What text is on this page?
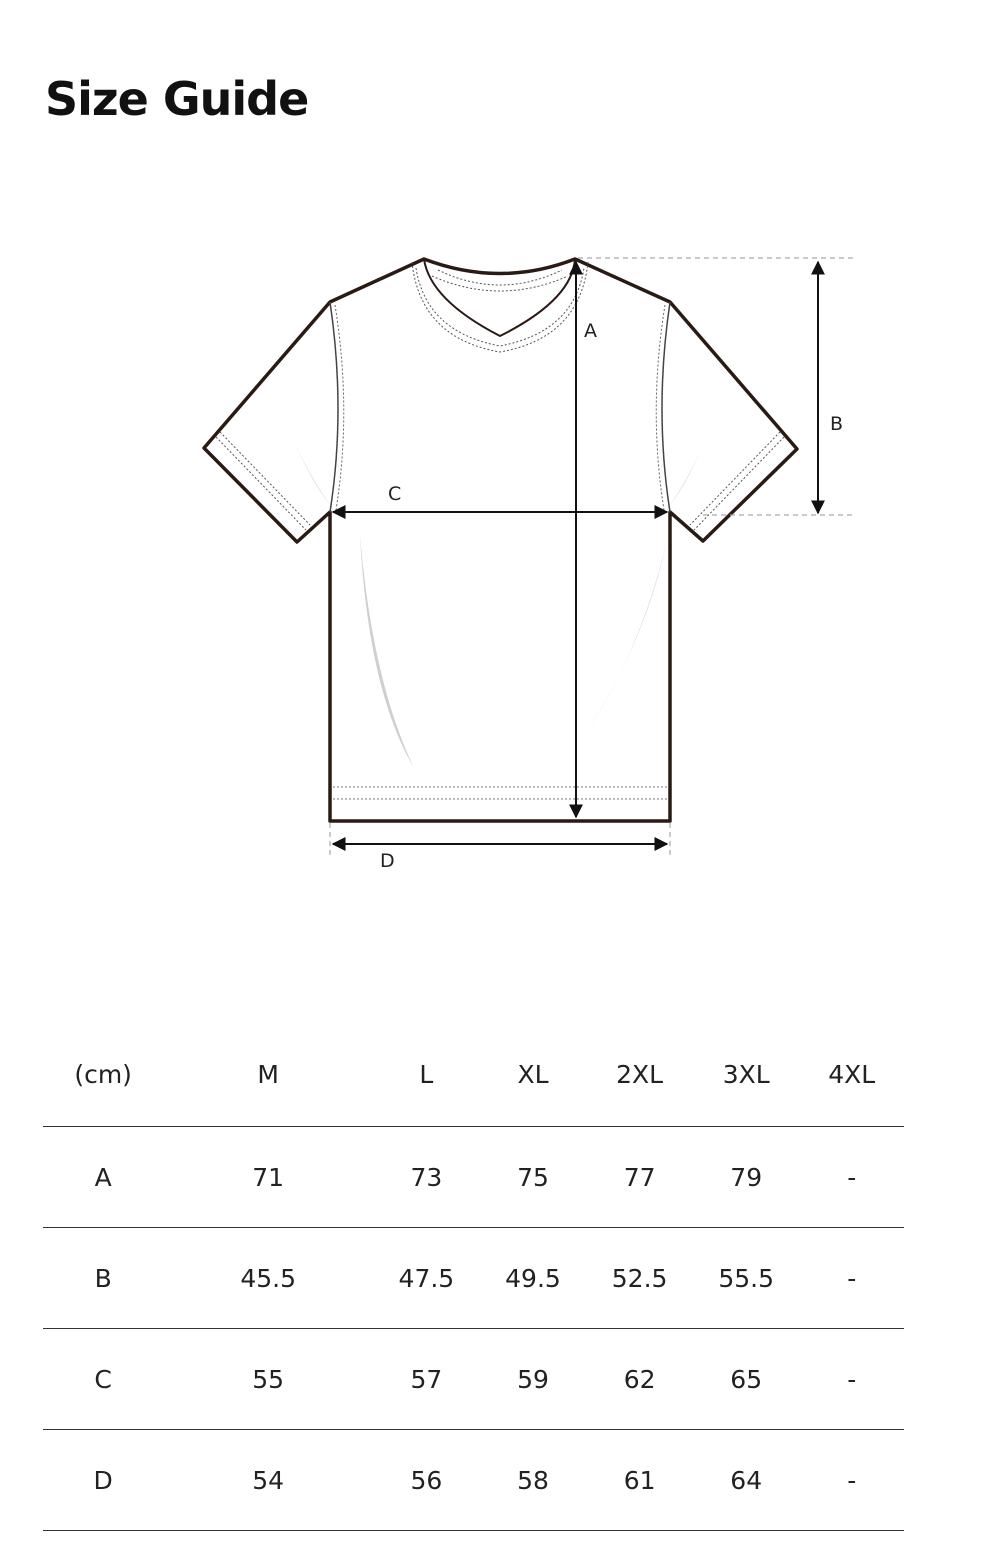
Size Guide
A
B
C
D
(cm)	M	L	XL	2XL	3XL	4XL	
A	71	73	75	77	79	-	
B	45.5	47.5	49.5	52.5	55.5	-	
C	55	57	59	62	65	-	
D	54	56	58	61	64	-	
